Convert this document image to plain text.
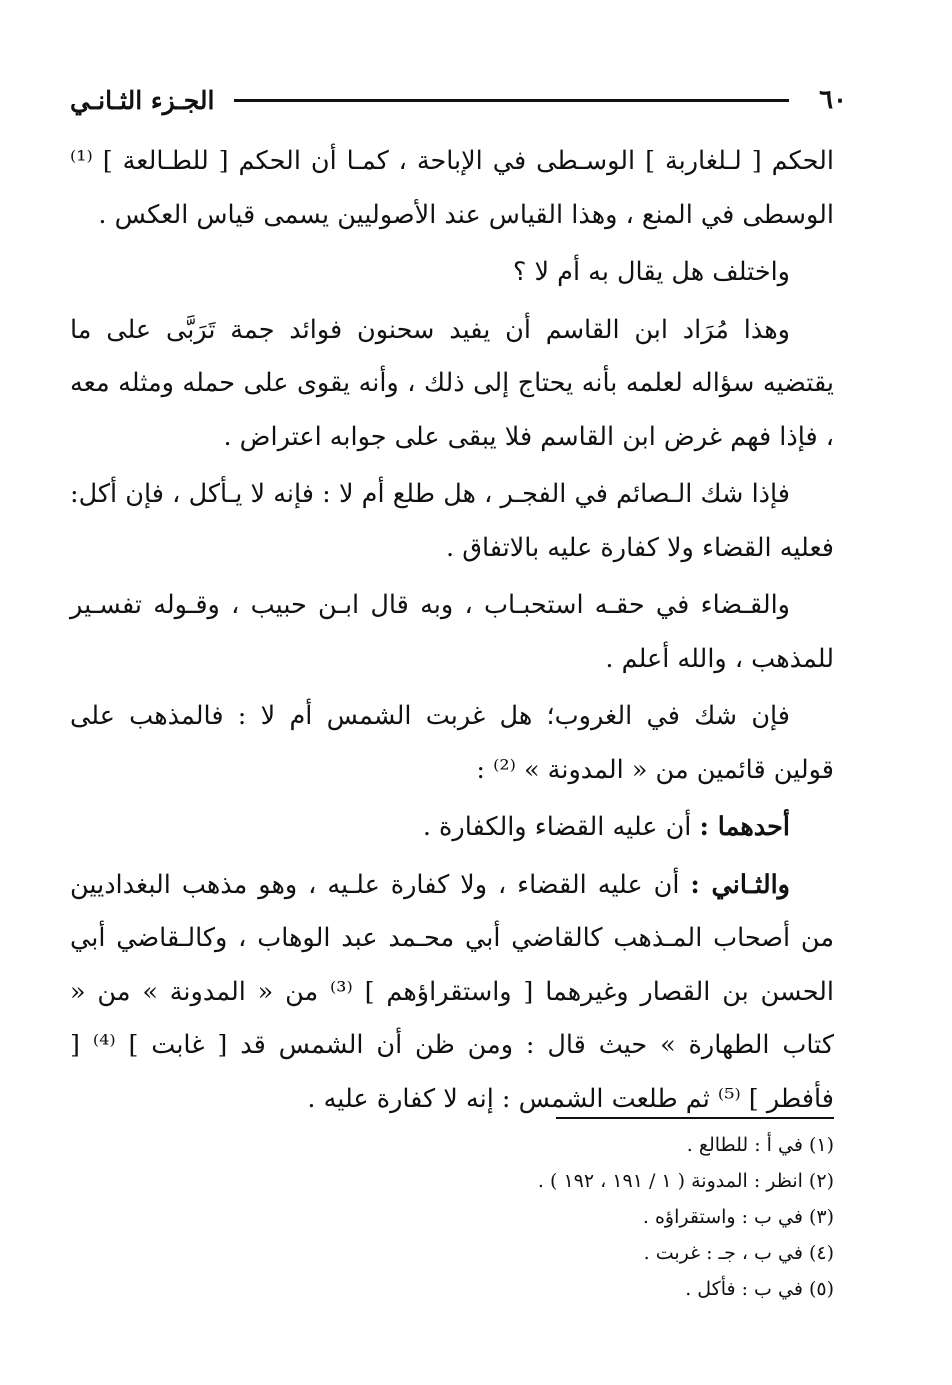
٦٠
الجـزء الثـانـي

الحكم [ لـلغاربة ] الوسـطى في الإباحة ، كمـا أن الحكم [ للطـالعة ] ⁽¹⁾ الوسطى في المنع ، وهذا القياس عند الأصوليين يسمى قياس العكس .

واختلف هل يقال به أم لا ؟

وهذا مُرَاد ابن القاسم أن يفيد سحنون فوائد جمة تَرَبَّى على ما يقتضيه سؤاله لعلمه بأنه يحتاج إلى ذلك ، وأنه يقوى على حمله ومثله معه ، فإذا فهم غرض ابن القاسم فلا يبقى على جوابه اعتراض .

فإذا شك الـصائم في الفجـر ، هل طلع أم لا : فإنه لا يـأكل ، فإن أكل: فعليه القضاء ولا كفارة عليه بالاتفاق .

والقـضاء في حقـه استحبـاب ، وبه قال ابـن حبيب ، وقـوله تفسـير للمذهب ، والله أعلم .

فإن شك في الغروب؛ هل غربت الشمس أم لا : فالمذهب على قولين قائمين من « المدونة » ⁽²⁾ :

أحدهما : أن عليه القضاء والكفارة .

والثـاني : أن عليه القضاء ، ولا كفارة علـيه ، وهو مذهب البغداديين من أصحاب المـذهب كالقاضي أبي محـمد عبد الوهاب ، وكالـقاضي أبي الحسن بن القصار وغيرهما [ واستقراؤهم ] ⁽³⁾ من « المدونة » من « كتاب الطهارة » حيث قال : ومن ظن أن الشمس قد [ غابت ] ⁽⁴⁾ [ فأفطر ] ⁽⁵⁾ ثم طلعت الشمس : إنه لا كفارة عليه .

(١) في أ : للطالع .

(٢) انظر : المدونة ( ١ / ١٩١ ، ١٩٢ ) .

(٣) في ب : واستقراؤه .

(٤) في ب ، جـ : غربت .

(٥) في ب : فأكل .
